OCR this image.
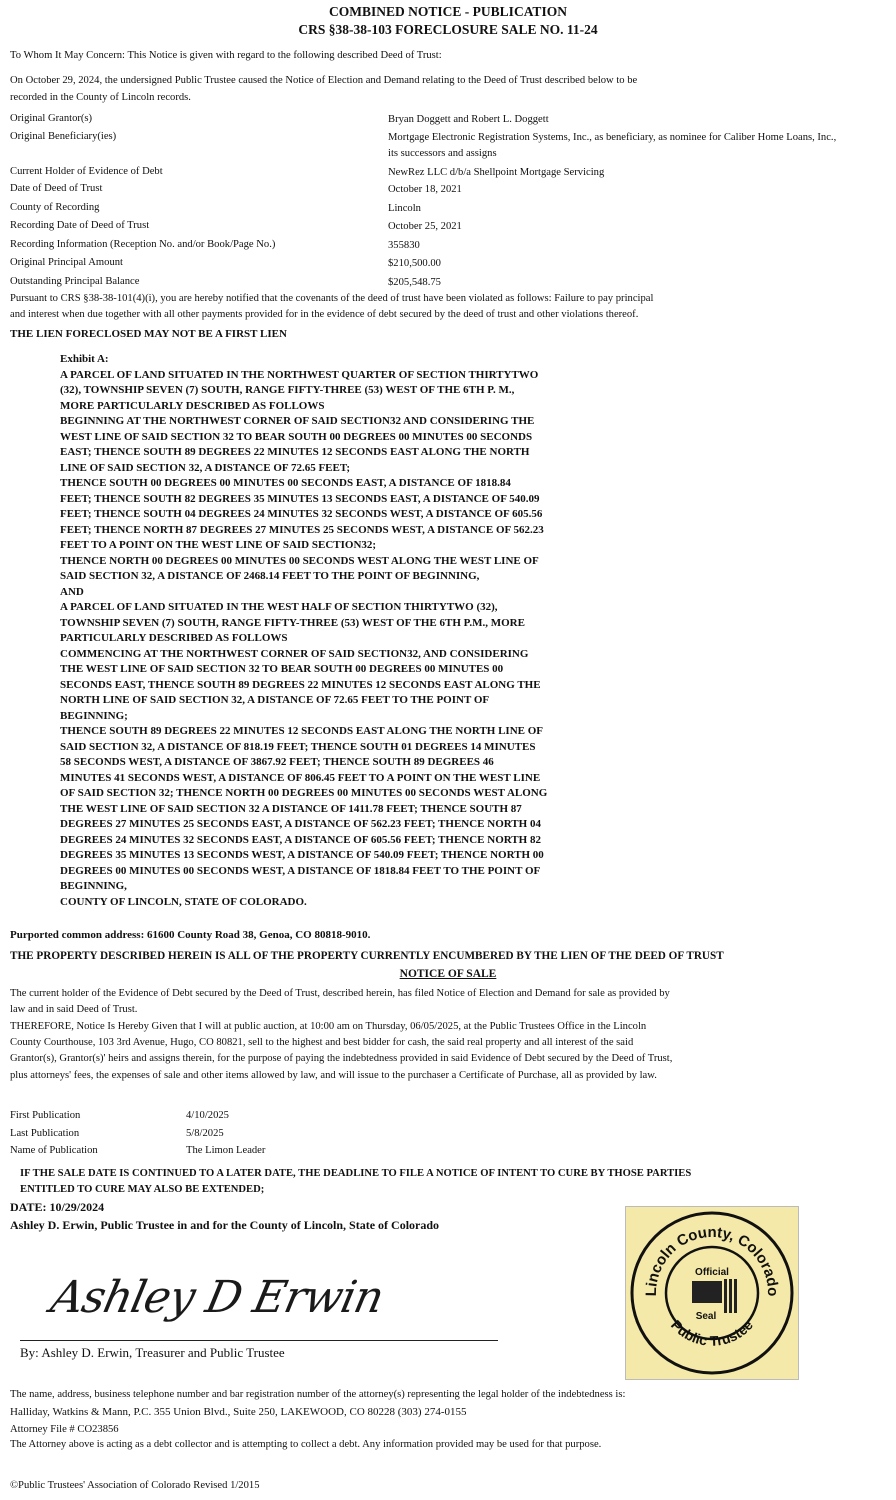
COMBINED NOTICE - PUBLICATION
CRS §38-38-103 FORECLOSURE SALE NO. 11-24
To Whom It May Concern: This Notice is given with regard to the following described Deed of Trust:
On October 29, 2024, the undersigned Public Trustee caused the Notice of Election and Demand relating to the Deed of Trust described below to be
recorded in the County of Lincoln records.
Original Grantor(s)	Bryan Doggett and Robert L. Doggett
Original Beneficiary(ies)	Mortgage Electronic Registration Systems, Inc., as beneficiary, as nominee for Caliber Home Loans, Inc., its successors and assigns
Current Holder of Evidence of Debt	NewRez LLC d/b/a Shellpoint Mortgage Servicing
Date of Deed of Trust	October 18, 2021
County of Recording	Lincoln
Recording Date of Deed of Trust	October 25, 2021
Recording Information (Reception No. and/or Book/Page No.)	355830
Original Principal Amount	$210,500.00
Outstanding Principal Balance	$205,548.75
Pursuant to CRS §38-38-101(4)(i), you are hereby notified that the covenants of the deed of trust have been violated as follows: Failure to pay principal
and interest when due together with all other payments provided for in the evidence of debt secured by the deed of trust and other violations thereof.
THE LIEN FORECLOSED MAY NOT BE A FIRST LIEN
Exhibit A:
A PARCEL OF LAND SITUATED IN THE NORTHWEST QUARTER OF SECTION THIRTYTWO
(32), TOWNSHIP SEVEN (7) SOUTH, RANGE FIFTY-THREE (53) WEST OF THE 6TH P. M.,
MORE PARTICULARLY DESCRIBED AS FOLLOWS
BEGINNING AT THE NORTHWEST CORNER OF SAID SECTION32 AND CONSIDERING THE
WEST LINE OF SAID SECTION 32 TO BEAR SOUTH 00 DEGREES 00 MINUTES 00 SECONDS
EAST; THENCE SOUTH 89 DEGREES 22 MINUTES 12 SECONDS EAST ALONG THE NORTH
LINE OF SAID SECTION 32, A DISTANCE OF 72.65 FEET;
THENCE SOUTH 00 DEGREES 00 MINUTES 00 SECONDS EAST, A DISTANCE OF 1818.84
FEET; THENCE SOUTH 82 DEGREES 35 MINUTES 13 SECONDS EAST, A DISTANCE OF 540.09
FEET; THENCE SOUTH 04 DEGREES 24 MINUTES 32 SECONDS WEST, A DISTANCE OF 605.56
FEET; THENCE NORTH 87 DEGREES 27 MINUTES 25 SECONDS WEST, A DISTANCE OF 562.23
FEET TO A POINT ON THE WEST LINE OF SAID SECTION32;
THENCE NORTH 00 DEGREES 00 MINUTES 00 SECONDS WEST ALONG THE WEST LINE OF
SAID SECTION 32, A DISTANCE OF 2468.14 FEET TO THE POINT OF BEGINNING,
AND
A PARCEL OF LAND SITUATED IN THE WEST HALF OF SECTION THIRTYTWO (32),
TOWNSHIP SEVEN (7) SOUTH, RANGE FIFTY-THREE (53) WEST OF THE 6TH P.M., MORE
PARTICULARLY DESCRIBED AS FOLLOWS
COMMENCING AT THE NORTHWEST CORNER OF SAID SECTION32, AND CONSIDERING
THE WEST LINE OF SAID SECTION 32 TO BEAR SOUTH 00 DEGREES 00 MINUTES 00
SECONDS EAST, THENCE SOUTH 89 DEGREES 22 MINUTES 12 SECONDS EAST ALONG THE
NORTH LINE OF SAID SECTION 32, A DISTANCE OF 72.65 FEET TO THE POINT OF
BEGINNING;
THENCE SOUTH 89 DEGREES 22 MINUTES 12 SECONDS EAST ALONG THE NORTH LINE OF
SAID SECTION 32, A DISTANCE OF 818.19 FEET; THENCE SOUTH 01 DEGREES 14 MINUTES
58 SECONDS WEST, A DISTANCE OF 3867.92 FEET; THENCE SOUTH 89 DEGREES 46
MINUTES 41 SECONDS WEST, A DISTANCE OF 806.45 FEET TO A POINT ON THE WEST LINE
OF SAID SECTION 32; THENCE NORTH 00 DEGREES 00 MINUTES 00 SECONDS WEST ALONG
THE WEST LINE OF SAID SECTION 32 A DISTANCE OF 1411.78 FEET; THENCE SOUTH 87
DEGREES 27 MINUTES 25 SECONDS EAST, A DISTANCE OF 562.23 FEET; THENCE NORTH 04
DEGREES 24 MINUTES 32 SECONDS EAST, A DISTANCE OF 605.56 FEET; THENCE NORTH 82
DEGREES 35 MINUTES 13 SECONDS WEST, A DISTANCE OF 540.09 FEET; THENCE NORTH 00
DEGREES 00 MINUTES 00 SECONDS WEST, A DISTANCE OF 1818.84 FEET TO THE POINT OF
BEGINNING,
COUNTY OF LINCOLN, STATE OF COLORADO.
Purported common address: 61600 County Road 38, Genoa, CO 80818-9010.
THE PROPERTY DESCRIBED HEREIN IS ALL OF THE PROPERTY CURRENTLY ENCUMBERED BY THE LIEN OF THE DEED OF TRUST
NOTICE OF SALE
The current holder of the Evidence of Debt secured by the Deed of Trust, described herein, has filed Notice of Election and Demand for sale as provided by
law and in said Deed of Trust.
THEREFORE, Notice Is Hereby Given that I will at public auction, at 10:00 am on Thursday, 06/05/2025, at the Public Trustees Office in the Lincoln
County Courthouse, 103 3rd Avenue, Hugo, CO 80821, sell to the highest and best bidder for cash, the said real property and all interest of the said
Grantor(s), Grantor(s)' heirs and assigns therein, for the purpose of paying the indebtedness provided in said Evidence of Debt secured by the Deed of Trust,
plus attorneys' fees, the expenses of sale and other items allowed by law, and will issue to the purchaser a Certificate of Purchase, all as provided by law.
First Publication	4/10/2025
Last Publication	5/8/2025
Name of Publication	The Limon Leader
IF THE SALE DATE IS CONTINUED TO A LATER DATE, THE DEADLINE TO FILE A NOTICE OF INTENT TO CURE BY THOSE PARTIES
ENTITLED TO CURE MAY ALSO BE EXTENDED;
DATE: 10/29/2024
Ashley D. Erwin, Public Trustee in and for the County of Lincoln, State of Colorado
Ashley D Erwin
By: Ashley D. Erwin, Treasurer and Public Trustee
Lincoln County, Colorado
Public Trustee
Official
Seal
The name, address, business telephone number and bar registration number of the attorney(s) representing the legal holder of the indebtedness is:
Halliday, Watkins & Mann, P.C. 355 Union Blvd., Suite 250, LAKEWOOD, CO 80228 (303) 274-0155
Attorney File # CO23856
The Attorney above is acting as a debt collector and is attempting to collect a debt. Any information provided may be used for that purpose.
©Public Trustees' Association of Colorado Revised 1/2015
